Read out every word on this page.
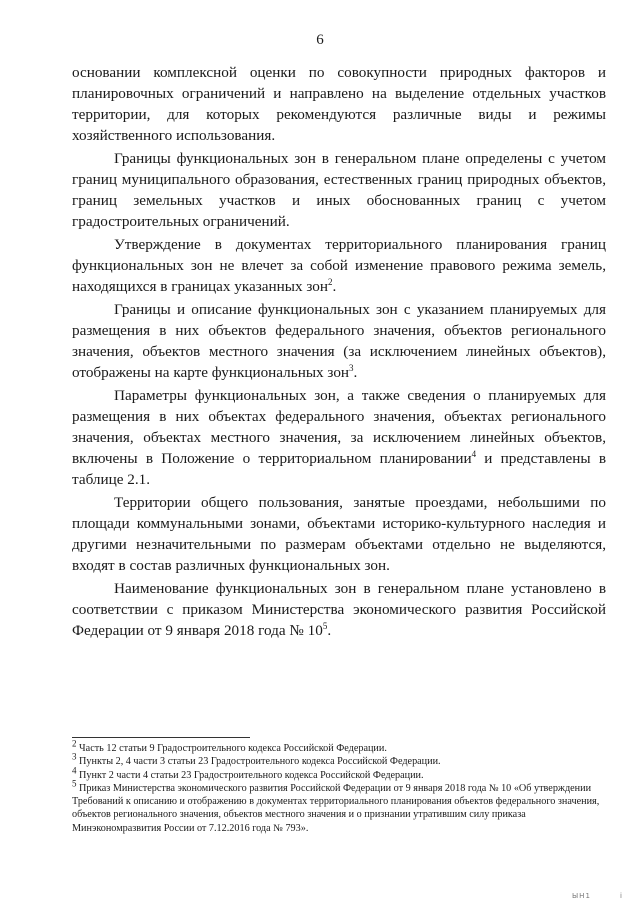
6

основании комплексной оценки по совокупности природных факторов и планировочных ограничений и направлено на выделение отдельных участков территории, для которых рекомендуются различные виды и режимы хозяйственного использования.

Границы функциональных зон в генеральном плане определены с учетом границ муниципального образования, естественных границ природных объектов, границ земельных участков и иных обоснованных границ с учетом градостроительных ограничений.

Утверждение в документах территориального планирования границ функциональных зон не влечет за собой изменение правового режима земель, находящихся в границах указанных зон$^2$.

Границы и описание функциональных зон с указанием планируемых для размещения в них объектов федерального значения, объектов регионального значения, объектов местного значения (за исключением линейных объектов), отображены на карте функциональных зон$^3$.

Параметры функциональных зон, а также сведения о планируемых для размещения в них объектах федерального значения, объектах регионального значения, объектах местного значения, за исключением линейных объектов, включены в Положение о территориальном планировании$^4$ и представлены в таблице 2.1.

Территории общего пользования, занятые проездами, небольшими по площади коммунальными зонами, объектами историко-культурного наследия и другими незначительными по размерам объектами отдельно не выделяются, входят в состав различных функциональных зон.

Наименование функциональных зон в генеральном плане установлено в соответствии с приказом Министерства экономического развития Российской Федерации от 9 января 2018 года № $10^5$.

$^2$ Часть 12 статьи 9 Градостроительного кодекса Российской Федерации.

$^3$ Пункты 2, 4 части 3 статьи 23 Градостроительного кодекса Российской Федерации.

$^4$ Пункт 2 части 4 статьи 23 Градостроительного кодекса Российской Федерации.

$^5$ Приказ Министерства экономического развития Российской Федерации от 9 января 2018 года № 10 «Об утверждении Требований к описанию и отображению в документах территориального планирования объектов федерального значения, объектов регионального значения, объектов местного значения и о признании утратившим силу приказа Минэкономразвития России от 7.12.2016 года № 793».

ЫН1	i
